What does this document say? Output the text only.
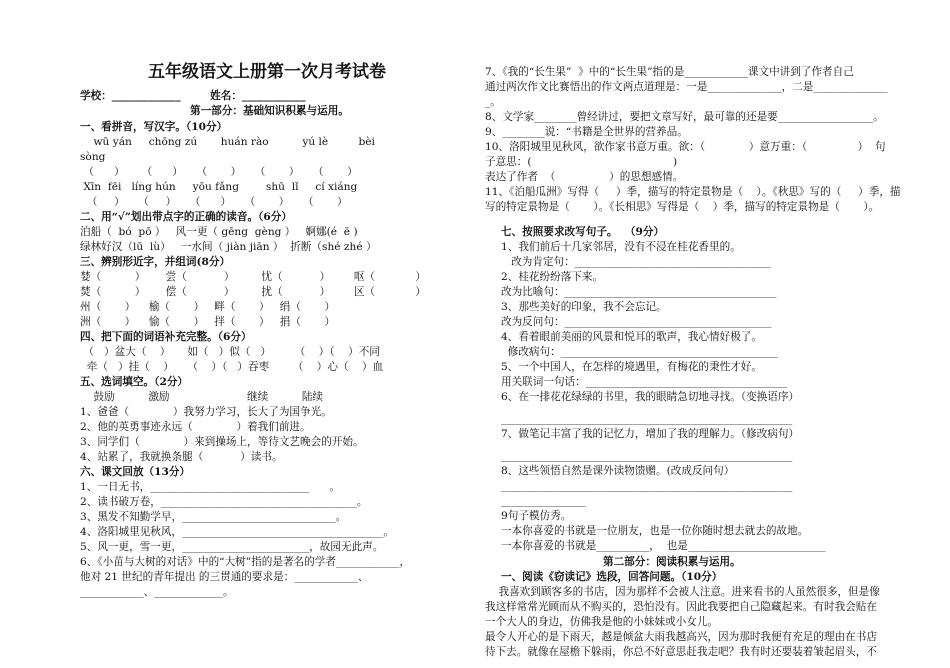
五年级语文上册第一次月考试卷
学校：_____________        姓名：____________
第一部分：基础知识积累与运用。
一、看拼音，写汉字。（10分）
wū yán     chōng zú       huán rào          yú lè         bèi
sòng
（      ）     （      ）    （       ）    （       ）    （       ）
Xīn  fēi   líng hún     yōu fǎng        shū  lǐ     cí xiáng
（     ）    （     ）    （      ）    （       ）    （       ）
二、用“√”划出带点字的正确的读音。（6分）
泊船（  bó  pō ）   风一更（ gēng  gèng ）   婀娜(é  ē )
绿林好汉（lū  lù）   一水间（ jiàn jiān ）  折断（shé zhé ）
三、辨别形近字，并组词(8分）
婪（          ）      尝（           ）        忧（           ）       呕（            ）
焚（          ）      偿（           ）        扰（           ）       区（            ）
州（       ）    榆（       ）   畔（       ）   绢（       ）
洲（       ）    愉（       ）   拌（       ）   捐（       ）
四、把下面的词语补充完整。（6分）
（   ）盆大（    ）     如（   ）似（   ）       （    ）（    ）不同
牵（   ）挂（    ）    （    ）（   ）吞枣       （    ）心（    ）血
五、选词填空。（2分）
鼓励          激励                       继续          陆续
1、爸爸（             ）我努力学习，长大了为国争光。
2、他的英勇事迹永远（             ）着我们前进。
3、同学们（             ）来到操场上，等待文艺晚会的开始。
4、站累了，我就换条腿（           ）读书。
六、课文回放（13分）
1、一日无书，______________________________      。
2、读书破万卷，_____________________________________。
3、黑发不知勤学早，_____________________________。
4、洛阳城里见秋风，______________________________________。
5、风一更，雪一更，________________________，故园无此声。
6、《小苗与大树的对话》中的“大树”指的是著名的学者____________，
他对 21 世纪的青年提出 的三贯通的要求是：____________、
____________、_____________。
7、《我的“长生果”  》中的“长生果”指的是____________课文中讲到了作者自己
通过两次作文比赛悟出的作文两点道理是：一是______________，二是______________
_。
8、文学家________曾经讲过，要把文章写好，最可靠的还是要__________________。
9、________说：“书籍是全世界的营养品。
10、洛阳城里见秋风，欲作家书意万重。欲：（             ）意万重：（               ）  句
子意思：(                                          )
表达了作者  （                ）的思想感情。
11、《泊船瓜洲》写得（     ）季，描写的特定景物是（    ）。《秋思》写的（     ）季，描
写的特定景物是（       ）。《长相思》写得是（    ）季，描写的特定景物是（       ）。
七、按照要求改写句子。  （9分）
1、我们前后十几家邻居，没有不浸在桂花香里的。
改为肯定句：_____________________________________
2、桂花纷纷落下来。
改为比喻句：________________________________________
3、那些美好的印象，我不会忘记。
改为反问句：_______________________________________
4、看着眼前美丽的风景和悦耳的歌声，我心情好极了。
修改病句：_________________________________________
5、一个中国人，在怎样的境遇里，有梅花的秉性才好。
用关联词一句话：______________________________________
6、在一排花花绿绿的书里，我的眼睛急切地寻找。（变换语序）
_______________________________________________________
7、做笔记丰富了我的记忆力，增加了我的理解力。（修改病句）
_______________________________________________________
8、这些领悟自然是课外读物馈赠。(改成反问句）
_______________________________________________________
________________
9句子模仿秀。
一本你喜爱的书就是一位朋友，也是一位你随时想去就去的故地。
一本你喜爱的书就是__________，  也是__________________________
第二部分：阅读积累与运用。
一、阅读《窃读记》选段，回答问题。（10分）
我喜欢到顾客多的书店，因为那样不会被人注意。进来看书的人虽然很多，但是像
我这样常常光顾而从不购买的，恐怕没有。因此我要把自己隐藏起来。有时我会贴在
一个大人的身边，仿佛我是他的小妹妹或小女儿。
最令人开心的是下雨天，越是倾盆大雨我越高兴，因为那时我便有充足的理由在书店
待下去。就像在屋檐下躲雨，你总不好意思赶我走吧？我有时还要装着皱起眉头，不
